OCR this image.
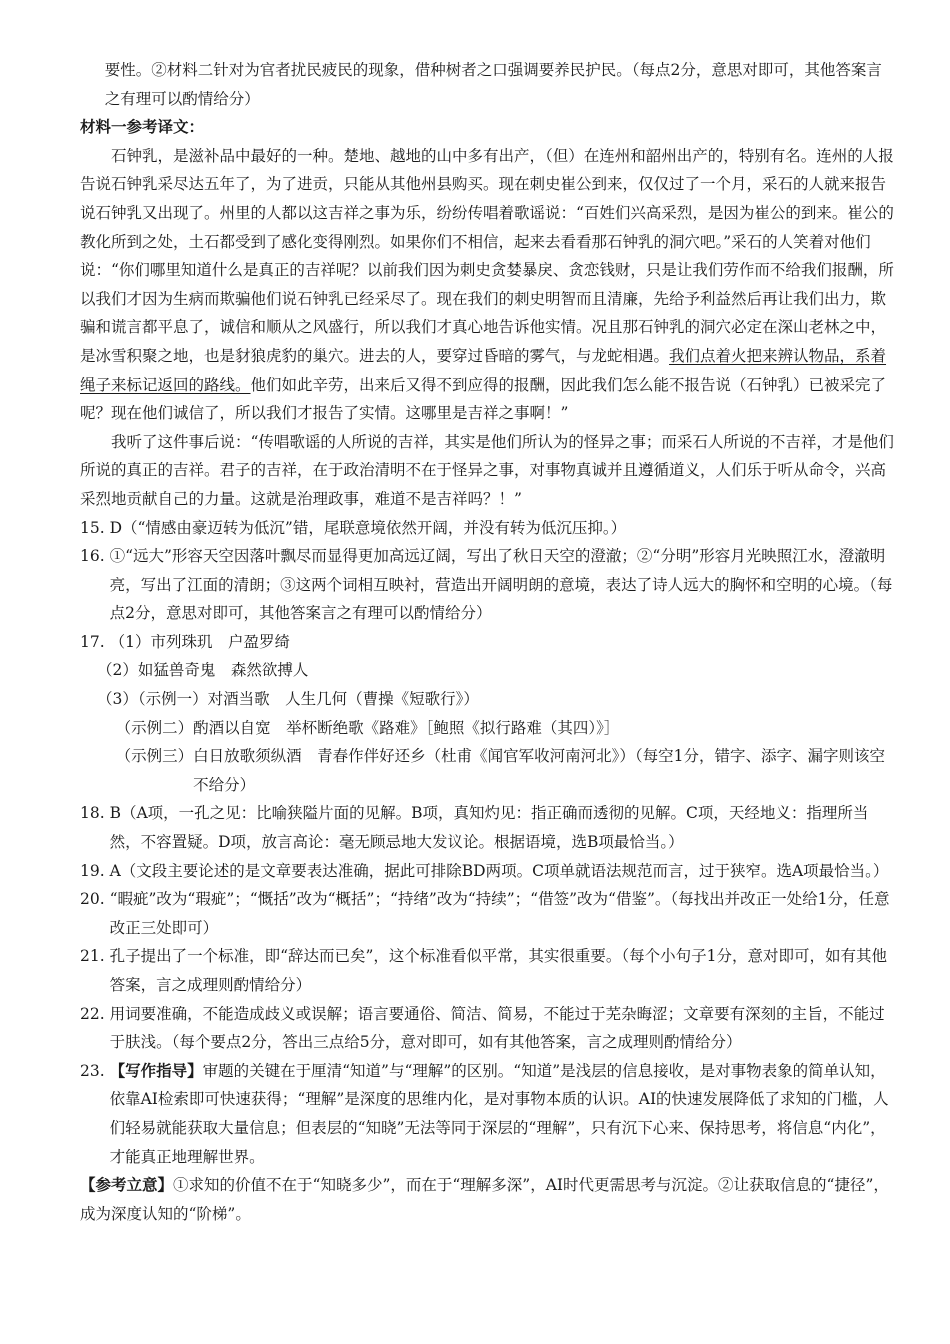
要性。②材料二针对为官者扰民疲民的现象，借种树者之口强调要养民护民。（每点2分，意思对即可，其他答案言之有理可以酌情给分）

材料一参考译文：

石钟乳，是滋补品中最好的一种。楚地、越地的山中多有出产，（但）在连州和韶州出产的，特别有名。连州的人报告说石钟乳采尽达五年了，为了进贡，只能从其他州县购买。现在刺史崔公到来，仅仅过了一个月，采石的人就来报告说石钟乳又出现了。州里的人都以这吉祥之事为乐，纷纷传唱着歌谣说：“百姓们兴高采烈，是因为崔公的到来。崔公的教化所到之处，土石都受到了感化变得刚烈。如果你们不相信，起来去看看那石钟乳的洞穴吧。”采石的人笑着对他们说：“你们哪里知道什么是真正的吉祥呢？以前我们因为刺史贪婪暴戾、贪恋钱财，只是让我们劳作而不给我们报酬，所以我们才因为生病而欺骗他们说石钟乳已经采尽了。现在我们的刺史明智而且清廉，先给予利益然后再让我们出力，欺骗和谎言都平息了，诚信和顺从之风盛行，所以我们才真心地告诉他实情。况且那石钟乳的洞穴必定在深山老林之中，是冰雪积聚之地，也是豺狼虎豹的巢穴。进去的人，要穿过昏暗的雾气，与龙蛇相遇。我们点着火把来辨认物品，系着绳子来标记返回的路线。他们如此辛劳，出来后又得不到应得的报酬，因此我们怎么能不报告说（石钟乳）已被采完了呢？现在他们诚信了，所以我们才报告了实情。这哪里是吉祥之事啊！”

我听了这件事后说：“传唱歌谣的人所说的吉祥，其实是他们所认为的怪异之事；而采石人所说的不吉祥，才是他们所说的真正的吉祥。君子的吉祥，在于政治清明不在于怪异之事，对事物真诚并且遵循道义，人们乐于听从命令，兴高采烈地贡献自己的力量。这就是治理政事，难道不是吉祥吗？！”

15. D（“情感由豪迈转为低沉”错，尾联意境依然开阔，并没有转为低沉压抑。）
16. ①“远大”形容天空因落叶飘尽而显得更加高远辽阔，写出了秋日天空的澄澈；②“分明”形容月光映照江水，澄澈明亮，写出了江面的清朗；③这两个词相互映衬，营造出开阔明朗的意境，表达了诗人远大的胸怀和空明的心境。（每点2分，意思对即可，其他答案言之有理可以酌情给分）
17. （1）市列珠玑　户盈罗绮

（2）如猛兽奇鬼　森然欲搏人

（3）（示例一）对酒当歌　人生几何（曹操《短歌行》）

（示例二）酌酒以自宽　举杯断绝歌《路难》［鲍照《拟行路难（其四）》］

（示例三） 白日放歌须纵酒　青春作伴好还乡（杜甫《闻官军收河南河北》）（每空1分，错字、添字、漏字则该空不给分）
18. B（A项，一孔之见：比喻狭隘片面的见解。B项，真知灼见：指正确而透彻的见解。C项，天经地义：指理所当然，不容置疑。D项，放言高论：毫无顾忌地大发议论。根据语境，选B项最恰当。）
19. A（文段主要论述的是文章要表达准确，据此可排除BD两项。C项单就语法规范而言，过于狭窄。选A项最恰当。）
20. “暇疵”改为“瑕疵”；“慨括”改为“概括”；“持绪”改为“持续”；“借签”改为“借鉴”。（每找出并改正一处给1分，任意改正三处即可）
21. 孔子提出了一个标准，即“辞达而已矣”，这个标准看似平常，其实很重要。（每个小句子1分，意对即可，如有其他答案，言之成理则酌情给分）
22. 用词要准确，不能造成歧义或误解；语言要通俗、简洁、简易，不能过于芜杂晦涩；文章要有深刻的主旨，不能过于肤浅。（每个要点2分，答出三点给5分，意对即可，如有其他答案，言之成理则酌情给分）
23. 【写作指导】审题的关键在于厘清“知道”与“理解”的区别。“知道”是浅层的信息接收，是对事物表象的简单认知，依靠AI检索即可快速获得；“理解”是深度的思维内化，是对事物本质的认识。AI的快速发展降低了求知的门槛，人们轻易就能获取大量信息；但表层的“知晓”无法等同于深层的“理解”，只有沉下心来、保持思考，将信息“内化”，才能真正地理解世界。

【参考立意】①求知的价值不在于“知晓多少”，而在于“理解多深”，AI时代更需思考与沉淀。②让获取信息的“捷径”，成为深度认知的“阶梯”。
